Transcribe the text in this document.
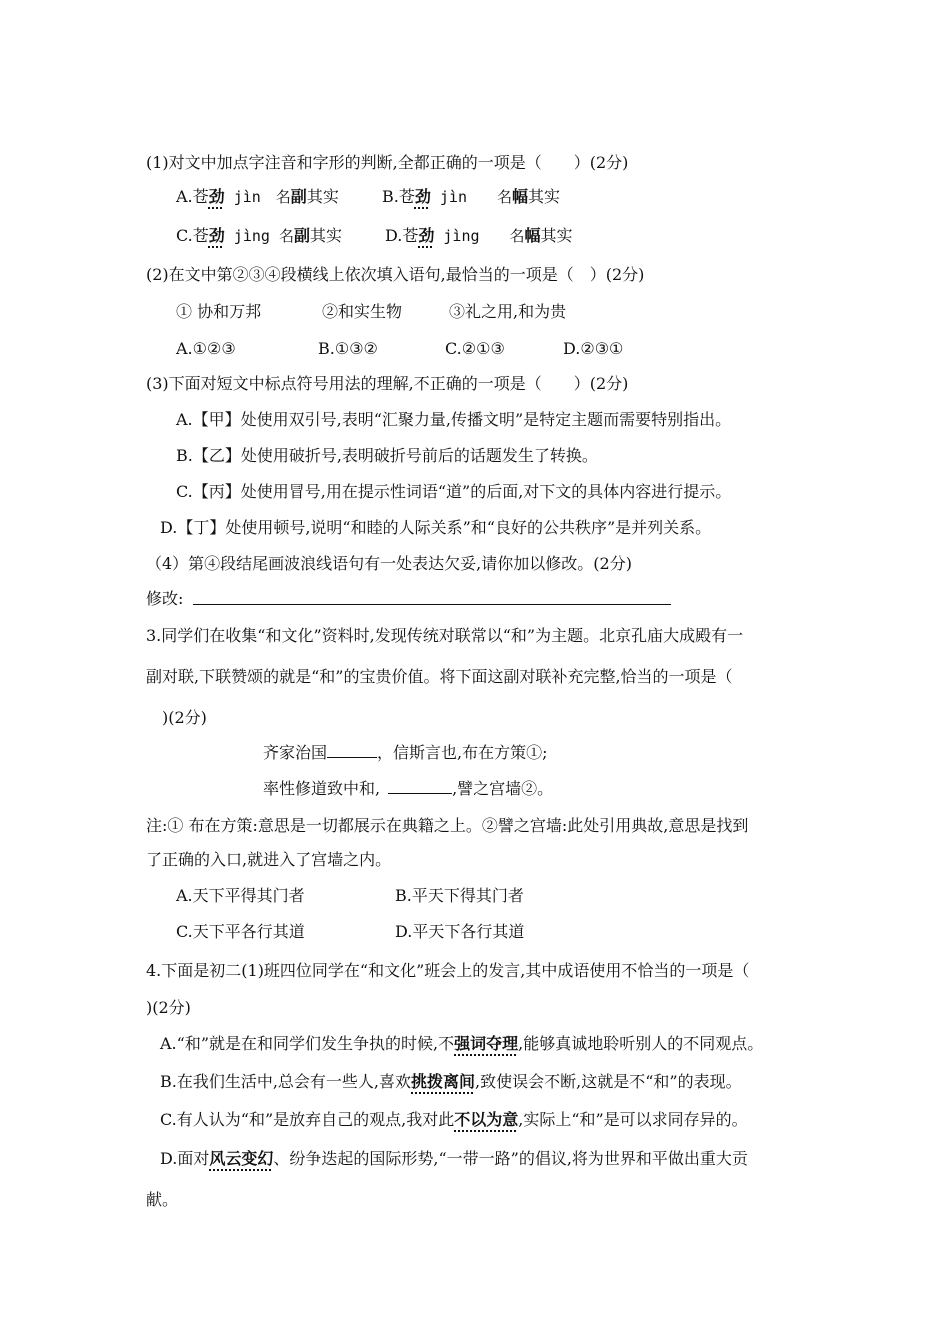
(1)对文中加点字注音和字形的判断,全都正确的一项是（　　）(2分)
A.苍劲 jìn　名副其实	B.苍劲 jìn　　名幅其实
C.苍劲 jìng 名副其实	D.苍劲 jìng　　名幅其实
(2)在文中第②③④段横线上依次填入语句,最恰当的一项是（　）(2分)
① 协和万邦	②和实生物	③礼之用,和为贵
A.①②③	B.①③②	C.②①③	D.②③①
(3)下面对短文中标点符号用法的理解,不正确的一项是（　　）(2分)
A.【甲】处使用双引号,表明“汇聚力量,传播文明”是特定主题而需要特别指出。
B.【乙】处使用破折号,表明破折号前后的话题发生了转换。
C.【丙】处使用冒号,用在提示性词语“道”的后面,对下文的具体内容进行提示。
D.【丁】处使用顿号,说明“和睦的人际关系”和“良好的公共秩序”是并列关系。
（4）第④段结尾画波浪线语句有一处表达欠妥,请你加以修改。(2分)
修改:
3.同学们在收集“和文化”资料时,发现传统对联常以“和”为主题。北京孔庙大成殿有一
副对联,下联赞颂的就是“和”的宝贵价值。将下面这副对联补充完整,恰当的一项是（
　)(2分)
齐家治国	，信斯言也,布在方策①;
率性修道致中和,	,譬之宫墙②。
注:① 布在方策:意思是一切都展示在典籍之上。②譬之宫墙:此处引用典故,意思是找到
了正确的入口,就进入了宫墙之内。
A.天下平得其门者	B.平天下得其门者
C.天下平各行其道	D.平天下各行其道
4.下面是初二(1)班四位同学在“和文化”班会上的发言,其中成语使用不恰当的一项是（
)(2分)
A.“和”就是在和同学们发生争执的时候,不强词夺理,能够真诚地聆听别人的不同观点。
B.在我们生活中,总会有一些人,喜欢挑拨离间,致使误会不断,这就是不“和”的表现。
C.有人认为“和”是放弃自己的观点,我对此不以为意,实际上“和”是可以求同存异的。
D.面对风云变幻、纷争迭起的国际形势,“一带一路”的倡议,将为世界和平做出重大贡
献。
